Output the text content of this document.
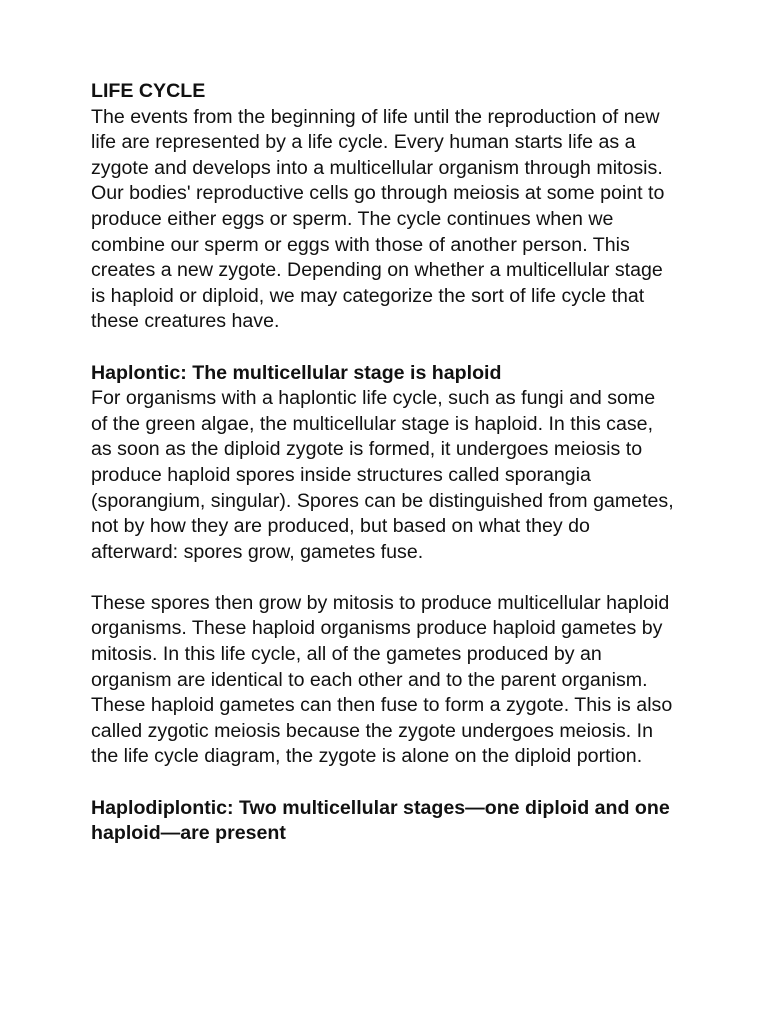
LIFE CYCLE

The events from the beginning of life until the reproduction of new life are represented by a life cycle. Every human starts life as a zygote and develops into a multicellular organism through mitosis. Our bodies' reproductive cells go through meiosis at some point to produce either eggs or sperm. The cycle continues when we combine our sperm or eggs with those of another person. This creates a new zygote. Depending on whether a multicellular stage is haploid or diploid, we may categorize the sort of life cycle that these creatures have.

Haplontic: The multicellular stage is haploid

For organisms with a haplontic life cycle, such as fungi and some of the green algae, the multicellular stage is haploid. In this case, as soon as the diploid zygote is formed, it undergoes meiosis to produce haploid spores inside structures called sporangia (sporangium, singular). Spores can be distinguished from gametes, not by how they are produced, but based on what they do afterward: spores grow, gametes fuse.

These spores then grow by mitosis to produce multicellular haploid organisms. These haploid organisms produce haploid gametes by mitosis. In this life cycle, all of the gametes produced by an organism are identical to each other and to the parent organism. These haploid gametes can then fuse to form a zygote. This is also called zygotic meiosis because the zygote undergoes meiosis. In the life cycle diagram, the zygote is alone on the diploid portion.

Haplodiplontic: Two multicellular stages—one diploid and one haploid—are present
